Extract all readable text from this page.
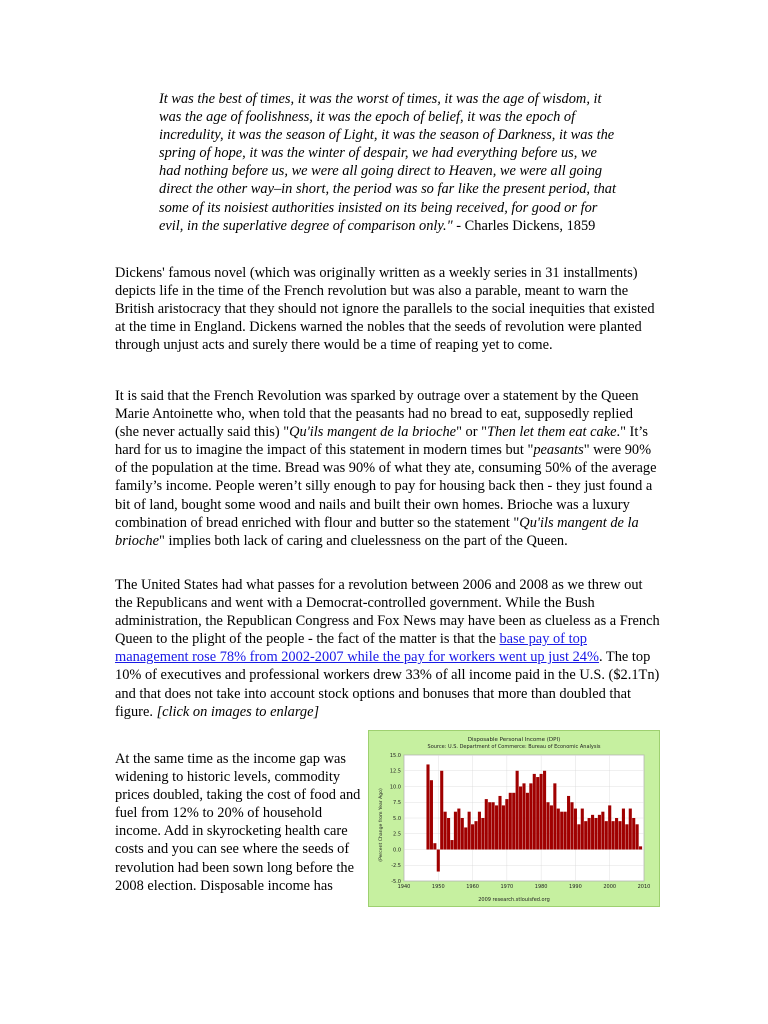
It was the best of times, it was the worst of times, it was the age of wisdom, it was the age of foolishness, it was the epoch of belief, it was the epoch of incredulity, it was the season of Light, it was the season of Darkness, it was the spring of hope, it was the winter of despair, we had everything before us, we had nothing before us, we were all going direct to Heaven, we were all going direct the other way–in short, the period was so far like the present period, that some of its noisiest authorities insisted on its being received, for good or for evil, in the superlative degree of comparison only." - Charles Dickens, 1859
Dickens' famous novel (which was originally written as a weekly series in 31 installments) depicts life in the time of the French revolution but was also a parable, meant to warn the British aristocracy that they should not ignore the parallels to the social inequities that existed at the time in England. Dickens warned the nobles that the seeds of revolution were planted through unjust acts and surely there would be a time of reaping yet to come.
It is said that the French Revolution was sparked by outrage over a statement by the Queen Marie Antoinette who, when told that the peasants had no bread to eat, supposedly replied (she never actually said this) "Qu'ils mangent de la brioche" or "Then let them eat cake." It’s hard for us to imagine the impact of this statement in modern times but "peasants" were 90% of the population at the time. Bread was 90% of what they ate, consuming 50% of the average family’s income. People weren’t silly enough to pay for housing back then - they just found a bit of land, bought some wood and nails and built their own homes. Brioche was a luxury combination of bread enriched with flour and butter so the statement "Qu'ils mangent de la brioche" implies both lack of caring and cluelessness on the part of the Queen.
The United States had what passes for a revolution between 2006 and 2008 as we threw out the Republicans and went with a Democrat-controlled government. While the Bush administration, the Republican Congress and Fox News may have been as clueless as a French Queen to the plight of the people - the fact of the matter is that the base pay of top management rose 78% from 2002-2007 while the pay for workers went up just 24%. The top 10% of executives and professional workers drew 33% of all income paid in the U.S. ($2.1Tn) and that does not take into account stock options and bonuses that more than doubled that figure. [click on images to enlarge]
At the same time as the income gap was widening to historic levels, commodity prices doubled, taking the cost of food and fuel from 12% to 20% of household income. Add in skyrocketing health care costs and you can see where the seeds of revolution had been sown long before the 2008 election. Disposable income has
Disposable Personal Income (DPI)
Source: U.S. Department of Commerce: Bureau of Economic Analysis
(Percent Change from Year Ago)
2009 research.stlouisfed.org
15.0
12.5
10.0
7.5
5.0
2.5
0.0
-2.5
-5.0
1940	1950	1960	1970	1980	1990	2000	2010
